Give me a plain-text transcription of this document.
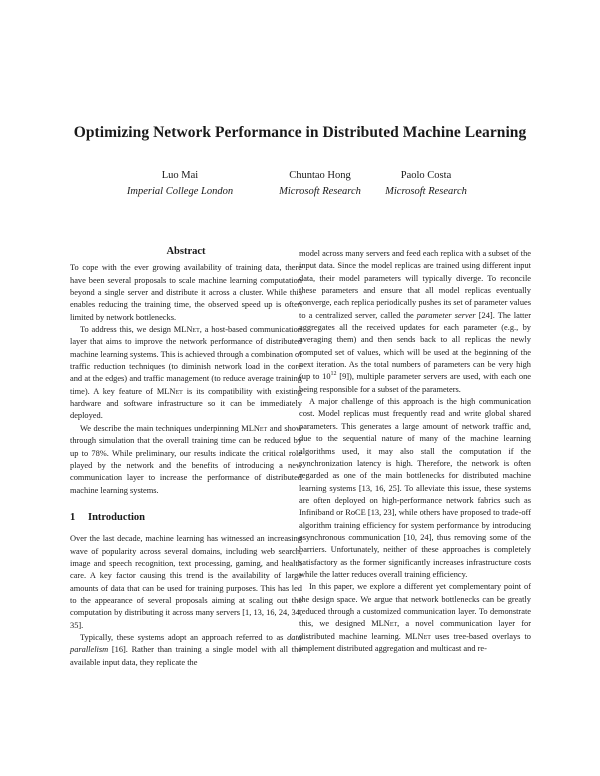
Optimizing Network Performance in Distributed Machine Learning
Luo Mai
Imperial College London
Chuntao Hong
Microsoft Research
Paolo Costa
Microsoft Research
Abstract

To cope with the ever growing availability of training data, there have been several proposals to scale machine learning computation beyond a single server and distribute it across a cluster. While this enables reducing the training time, the observed speed up is often limited by network bottlenecks.

To address this, we design MLNet, a host-based communication layer that aims to improve the network performance of distributed machine learning systems. This is achieved through a combination of traffic reduction techniques (to diminish network load in the core and at the edges) and traffic management (to reduce average training time). A key feature of MLNet is its compatibility with existing hardware and software infrastructure so it can be immediately deployed.

We describe the main techniques underpinning MLNet and show through simulation that the overall training time can be reduced by up to 78%. While preliminary, our results indicate the critical role played by the network and the benefits of introducing a new communication layer to increase the performance of distributed machine learning systems.

1 Introduction

Over the last decade, machine learning has witnessed an increasing wave of popularity across several domains, including web search, image and speech recognition, text processing, gaming, and health care. A key factor causing this trend is the availability of large amounts of data that can be used for training purposes. This has led to the appearance of several proposals aiming at scaling out the computation by distributing it across many servers [1, 13, 16, 24, 34, 35].

Typically, these systems adopt an approach referred to as data parallelism [16]. Rather than training a single model with all the available input data, they replicate the

model across many servers and feed each replica with a subset of the input data. Since the model replicas are trained using different input data, their model parameters will typically diverge. To reconcile these parameters and ensure that all model replicas eventually converge, each replica periodically pushes its set of parameter values to a centralized server, called the parameter server [24]. The latter aggregates all the received updates for each parameter (e.g., by averaging them) and then sends back to all replicas the newly computed set of values, which will be used at the beginning of the next iteration. As the total numbers of parameters can be very high (up to $10^{12}$ [9]), multiple parameter servers are used, with each one being responsible for a subset of the parameters.

A major challenge of this approach is the high communication cost. Model replicas must frequently read and write global shared parameters. This generates a large amount of network traffic and, due to the sequential nature of many of the machine learning algorithms used, it may also stall the computation if the synchronization latency is high. Therefore, the network is often regarded as one of the main bottlenecks for distributed machine learning systems [13, 16, 25]. To alleviate this issue, these systems are often deployed on high-performance network fabrics such as Infiniband or RoCE [13, 23], while others have proposed to trade-off algorithm training efficiency for system performance by introducing asynchronous communication [10, 24], thus removing some of the barriers. Unfortunately, neither of these approaches is completely satisfactory as the former significantly increases infrastructure costs while the latter reduces overall training efficiency.

In this paper, we explore a different yet complementary point of the design space. We argue that network bottlenecks can be greatly reduced through a customized communication layer. To demonstrate this, we designed MLNet, a novel communication layer for distributed machine learning. MLNet uses tree-based overlays to implement distributed aggregation and multicast and re-
